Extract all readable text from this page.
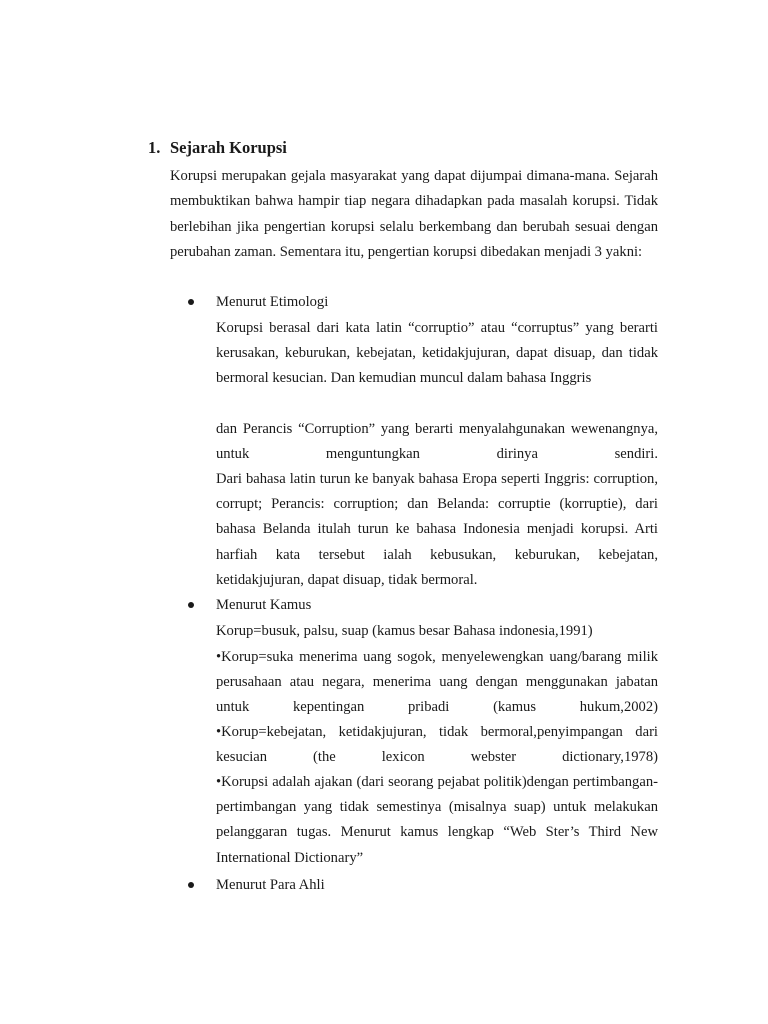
1. Sejarah Korupsi

Korupsi merupakan gejala masyarakat yang dapat dijumpai dimana-mana. Sejarah membuktikan bahwa hampir tiap negara dihadapkan pada masalah korupsi. Tidak berlebihan jika pengertian korupsi selalu berkembang dan berubah sesuai dengan perubahan zaman. Sementara itu, pengertian korupsi dibedakan menjadi 3 yakni:

Menurut Etimologi

Korupsi berasal dari kata latin “corruptio” atau “corruptus” yang berarti kerusakan, keburukan, kebejatan, ketidakjujuran, dapat disuap, dan tidak bermoral kesucian. Dan kemudian muncul dalam bahasa Inggris

dan Perancis “Corruption” yang berarti menyalahgunakan wewenangnya, untuk menguntungkan dirinya sendiri.

Dari bahasa latin turun ke banyak bahasa Eropa seperti Inggris: corruption, corrupt; Perancis: corruption; dan Belanda: corruptie (korruptie), dari bahasa Belanda itulah turun ke bahasa Indonesia menjadi korupsi. Arti harfiah kata tersebut ialah kebusukan, keburukan, kebejatan, ketidakjujuran, dapat disuap, tidak bermoral.

Menurut Kamus

Korup=busuk, palsu, suap (kamus besar Bahasa indonesia,1991)

•Korup=suka menerima uang sogok, menyelewengkan uang/barang milik perusahaan atau negara, menerima uang dengan menggunakan jabatan untuk kepentingan pribadi (kamus hukum,2002)

•Korup=kebejatan, ketidakjujuran, tidak bermoral,penyimpangan dari kesucian (the lexicon webster dictionary,1978)

•Korupsi adalah ajakan (dari seorang pejabat politik)dengan pertimbangan-pertimbangan yang tidak semestinya (misalnya suap) untuk melakukan pelanggaran tugas. Menurut kamus lengkap “Web Ster’s Third New International Dictionary”

Menurut Para Ahli
